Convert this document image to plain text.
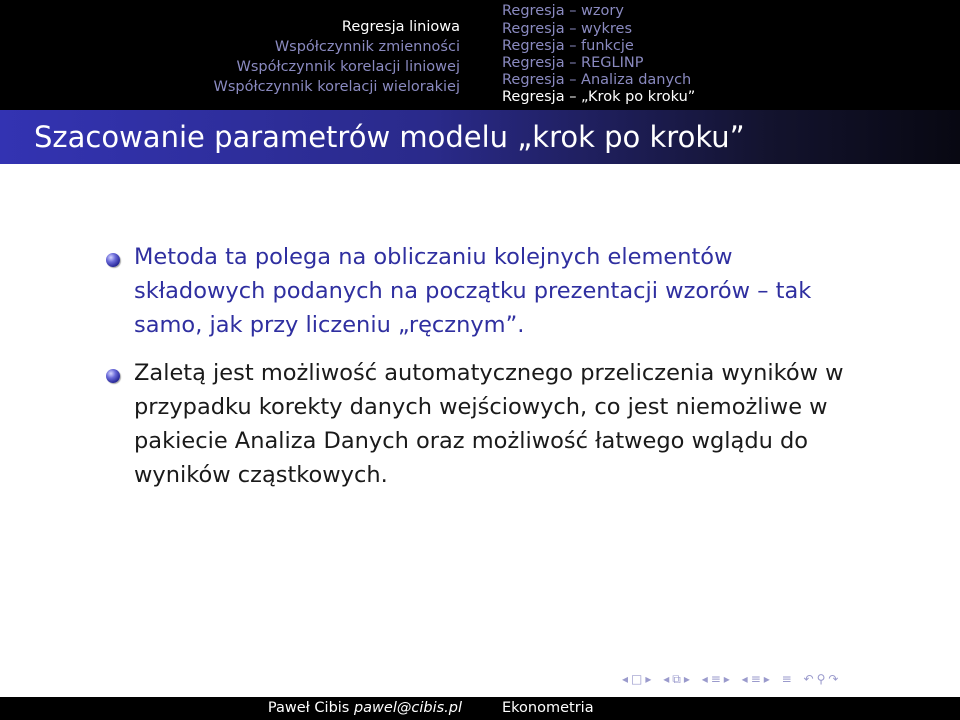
Regresja liniowa
Współczynnik zmienności
Współczynnik korelacji liniowej
Współczynnik korelacji wielorakiej
Regresja – wzory
Regresja – wykres
Regresja – funkcje
Regresja – REGLINP
Regresja – Analiza danych
Regresja – „Krok po kroku”
Szacowanie parametrów modelu „krok po kroku”
Metoda ta polega na obliczaniu kolejnych elementów
składowych podanych na początku prezentacji wzorów – tak
samo, jak przy liczeniu „ręcznym”.
Zaletą jest możliwość automatycznego przeliczenia wyników w
przypadku korekty danych wejściowych, co jest niemożliwe w
pakiecie Analiza Danych oraz możliwość łatwego wglądu do
wyników cząstkowych.
◂ □ ▸ ◂ ⧉ ▸ ◂ ≡ ▸ ◂ ≡ ▸ ≡ ↶ ⚲ ↷
Paweł Cibis pawel@cibis.pl	Ekonometria
